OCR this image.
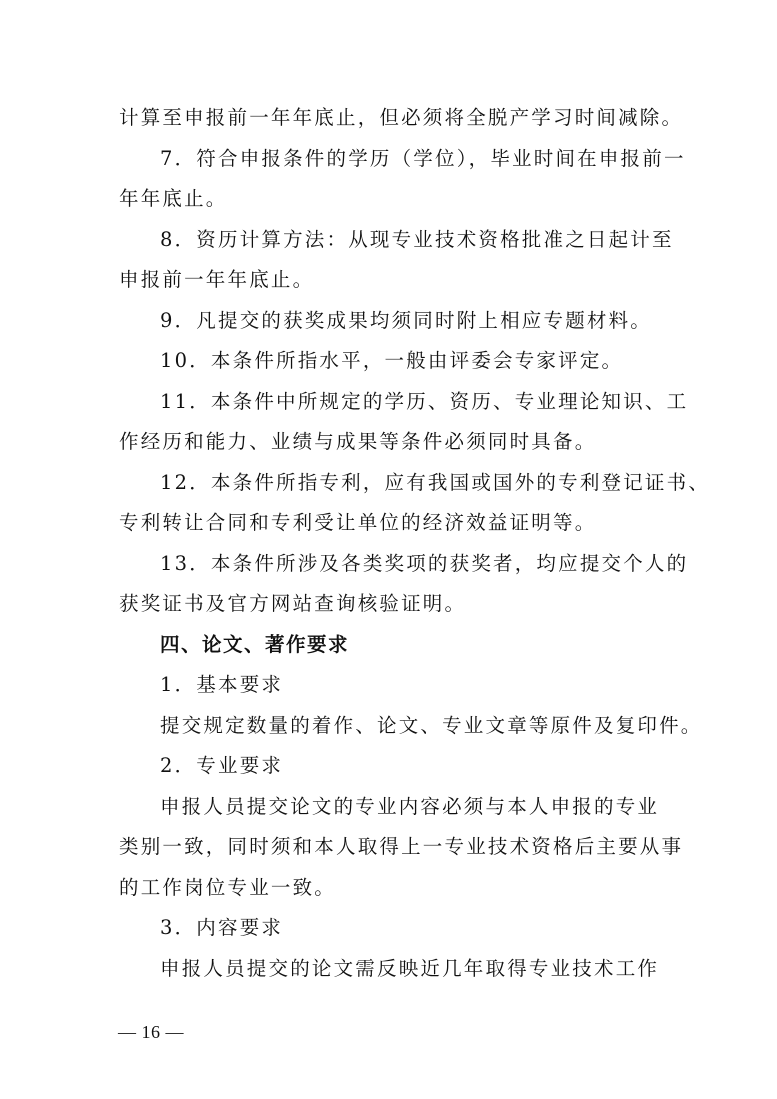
计算至申报前一年年底止，但必须将全脱产学习时间减除。
7．符合申报条件的学历（学位），毕业时间在申报前一
年年底止。
8．资历计算方法：从现专业技术资格批准之日起计至
申报前一年年底止。
9．凡提交的获奖成果均须同时附上相应专题材料。
10．本条件所指水平，一般由评委会专家评定。
11．本条件中所规定的学历、资历、专业理论知识、工
作经历和能力、业绩与成果等条件必须同时具备。
12．本条件所指专利，应有我国或国外的专利登记证书、
专利转让合同和专利受让单位的经济效益证明等。
13．本条件所涉及各类奖项的获奖者，均应提交个人的
获奖证书及官方网站查询核验证明。
四、论文、著作要求
1．基本要求
提交规定数量的着作、论文、专业文章等原件及复印件。
2．专业要求
申报人员提交论文的专业内容必须与本人申报的专业
类别一致，同时须和本人取得上一专业技术资格后主要从事
的工作岗位专业一致。
3．内容要求
申报人员提交的论文需反映近几年取得专业技术工作
— 16 —
